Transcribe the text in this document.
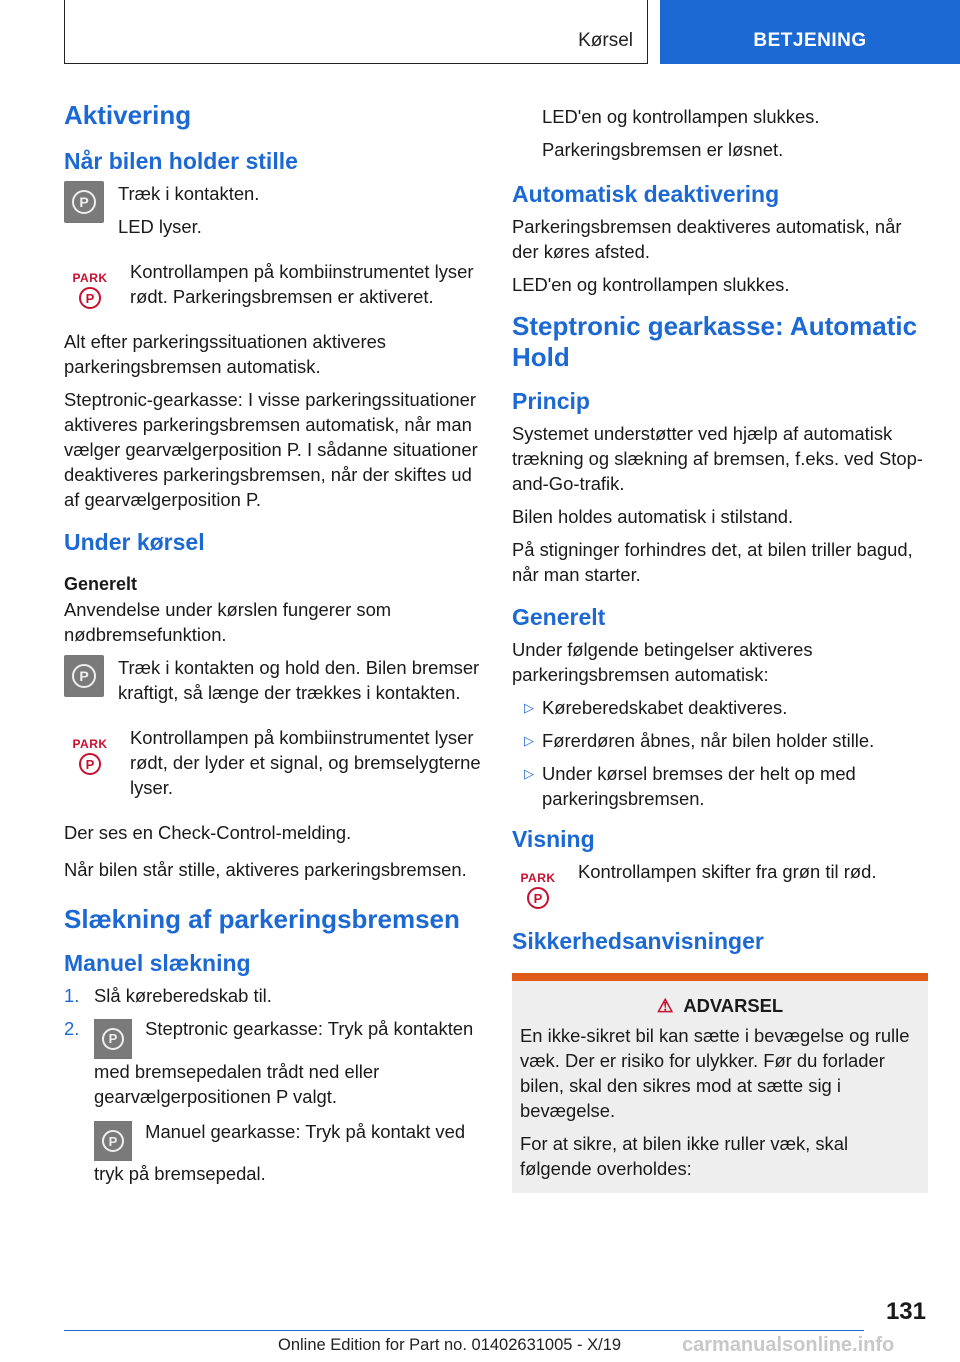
Kørsel	BETJENING
Aktivering
Når bilen holder stille
P	Træk i kontakten.

LED lyser.

PARK
P

Kontrollampen på kombiinstrumentet lyser rødt. Parkeringsbremsen er aktiveret.

Alt efter parkeringssituationen aktiveres parkeringsbremsen automatisk.

Steptronic-gearkasse: I visse parkeringssituationer aktiveres parkeringsbremsen automatisk, når man vælger gearvælgerposition P. I sådanne situationer deaktiveres parkeringsbremsen, når der skiftes ud af gearvælgerposition P.

Under kørsel
Generelt

Anvendelse under kørslen fungerer som nødbremsefunktion.

P	Træk i kontakten og hold den. Bilen bremser kraftigt, så længe der trækkes i kontakten.

PARK
P

Kontrollampen på kombiinstrumentet lyser rødt, der lyder et signal, og bremselygterne lyser.

Der ses en Check-Control-melding.

Når bilen står stille, aktiveres parkeringsbremsen.

Slækning af parkeringsbremsen
Manuel slækning
1. Slå køreberedskab til.
2.	P	Steptronic gearkasse: Tryk på kontakten med bremsepedalen trådt ned eller gearvælgerpositionen P valgt.
P	Manuel gearkasse: Tryk på kontakt ved tryk på bremsepedal.

LED'en og kontrollampen slukkes.

Parkeringsbremsen er løsnet.

Automatisk deaktivering

Parkeringsbremsen deaktiveres automatisk, når der køres afsted.

LED'en og kontrollampen slukkes.

Steptronic gearkasse: Automatic Hold
Princip

Systemet understøtter ved hjælp af automatisk trækning og slækning af bremsen, f.eks. ved Stop-and-Go-trafik.

Bilen holdes automatisk i stilstand.

På stigninger forhindres det, at bilen triller bagud, når man starter.

Generelt

Under følgende betingelser aktiveres parkeringsbremsen automatisk:

▷ Køreberedskabet deaktiveres.
▷ Førerdøren åbnes, når bilen holder stille.
▷ Under kørsel bremses der helt op med parkeringsbremsen.
Visning
PARK
P

Kontrollampen skifter fra grøn til rød.

Sikkerhedsanvisninger
⚠ ADVARSEL

En ikke-sikret bil kan sætte i bevægelse og rulle væk. Der er risiko for ulykker. Før du forlader bilen, skal den sikres mod at sætte sig i bevægelse.

For at sikre, at bilen ikke ruller væk, skal følgende overholdes:

131
Online Edition for Part no. 01402631005 - X/19	carmanualsonline.info
